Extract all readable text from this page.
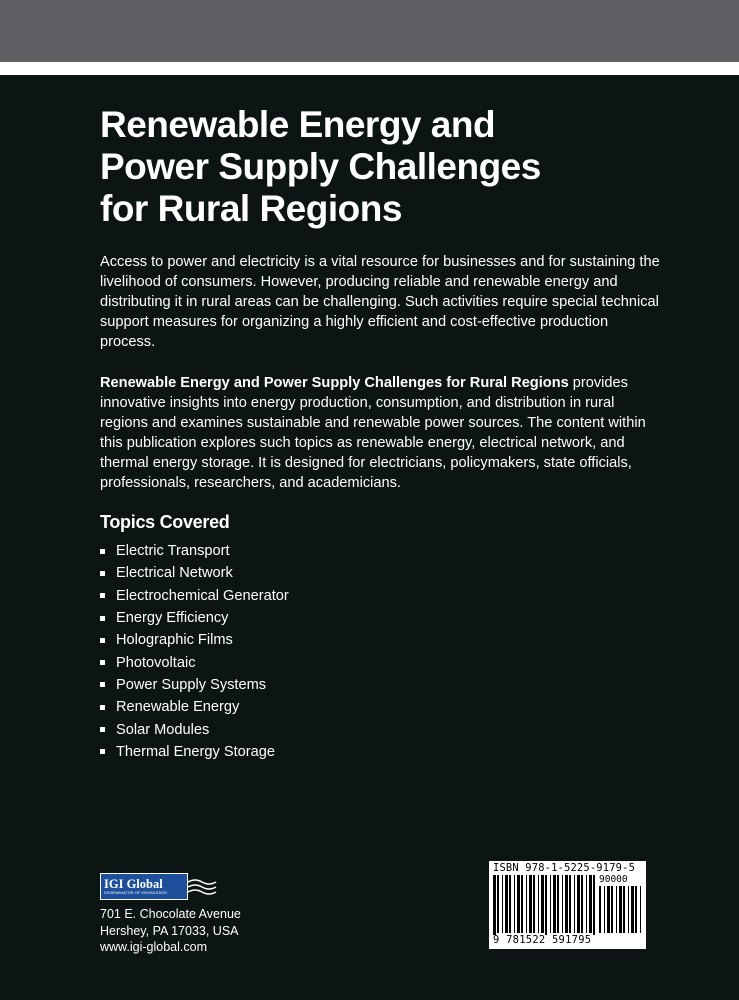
Renewable Energy and
Power Supply Challenges
for Rural Regions

Access to power and electricity is a vital resource for businesses and for sustaining the livelihood of consumers. However, producing reliable and renewable energy and distributing it in rural areas can be challenging. Such activities require special technical support measures for organizing a highly efficient and cost-effective production process.

Renewable Energy and Power Supply Challenges for Rural Regions provides innovative insights into energy production, consumption, and distribution in rural regions and examines sustainable and renewable power sources. The content within this publication explores such topics as renewable energy, electrical network, and thermal energy storage. It is designed for electricians, policymakers, state officials, professionals, researchers, and academicians.

Topics Covered
Electric Transport
Electrical Network
Electrochemical Generator
Energy Efficiency
Holographic Films
Photovoltaic
Power Supply Systems
Renewable Energy
Solar Modules
Thermal Energy Storage
IGI Global
DISSEMINATOR OF KNOWLEDGE
701 E. Chocolate Avenue
Hershey, PA 17033, USA
www.igi-global.com
ISBN 978-1-5225-9179-5
90000
9 781522 591795
